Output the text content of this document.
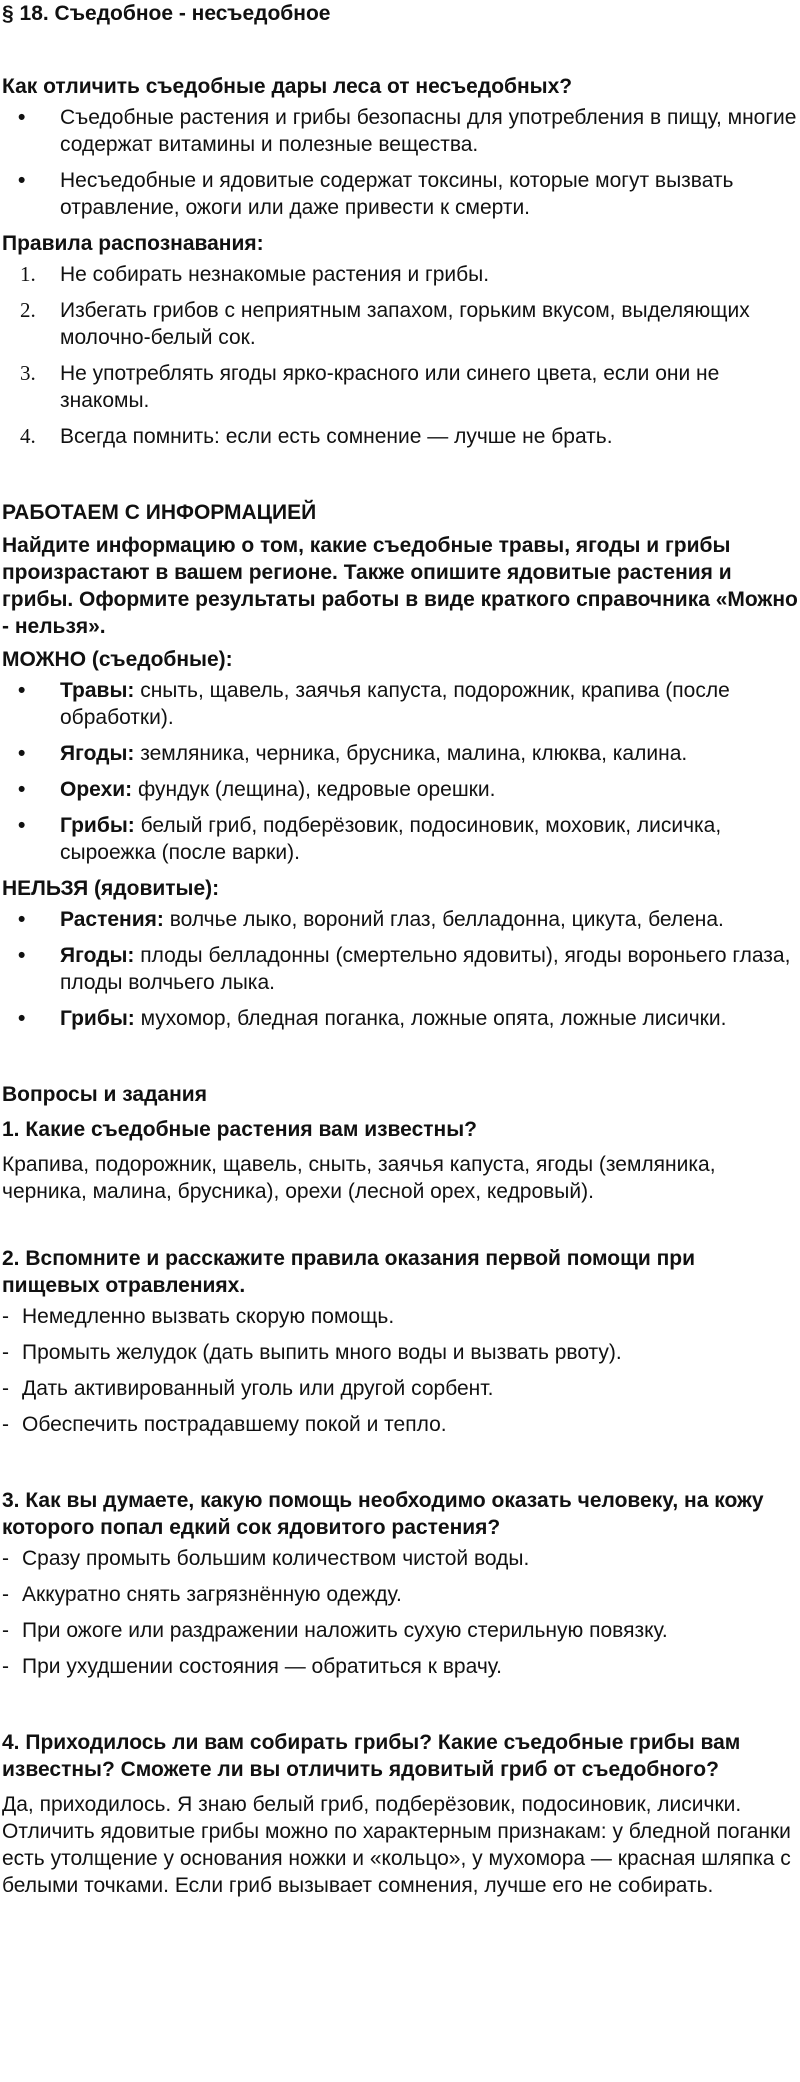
§ 18. Съедобное - несъедобное
Как отличить съедобные дары леса от несъедобных?
• Съедобные растения и грибы безопасны для употребления в пищу, многие содержат витамины и полезные вещества.
• Несъедобные и ядовитые содержат токсины, которые могут вызвать отравление, ожоги или даже привести к смерти.
Правила распознавания:
1. Не собирать незнакомые растения и грибы.
2. Избегать грибов с неприятным запахом, горьким вкусом, выделяющих молочно-белый сок.
3. Не употреблять ягоды ярко-красного или синего цвета, если они не знакомы.
4. Всегда помнить: если есть сомнение — лучше не брать.
РАБОТАЕМ С ИНФОРМАЦИЕЙ
Найдите информацию о том, какие съедобные травы, ягоды и грибы произрастают в вашем регионе. Также опишите ядовитые растения и грибы. Оформите результаты работы в виде краткого справочника «Можно - нельзя».
МОЖНО (съедобные):
• Травы: сныть, щавель, заячья капуста, подорожник, крапива (после обработки).
• Ягоды: земляника, черника, брусника, малина, клюква, калина.
• Орехи: фундук (лещина), кедровые орешки.
• Грибы: белый гриб, подберёзовик, подосиновик, моховик, лисичка, сыроежка (после варки).
НЕЛЬЗЯ (ядовитые):
• Растения: волчье лыко, вороний глаз, белладонна, цикута, белена.
• Ягоды: плоды белладонны (смертельно ядовиты), ягоды вороньего глаза, плоды волчьего лыка.
• Грибы: мухомор, бледная поганка, ложные опята, ложные лисички.
Вопросы и задания
1. Какие съедобные растения вам известны?
Крапива, подорожник, щавель, сныть, заячья капуста, ягоды (земляника, черника, малина, брусника), орехи (лесной орех, кедровый).
2. Вспомните и расскажите правила оказания первой помощи при пищевых отравлениях.
- Немедленно вызвать скорую помощь.
- Промыть желудок (дать выпить много воды и вызвать рвоту).
- Дать активированный уголь или другой сорбент.
- Обеспечить пострадавшему покой и тепло.
3. Как вы думаете, какую помощь необходимо оказать человеку, на кожу которого попал едкий сок ядовитого растения?
- Сразу промыть большим количеством чистой воды.
- Аккуратно снять загрязнённую одежду.
- При ожоге или раздражении наложить сухую стерильную повязку.
- При ухудшении состояния — обратиться к врачу.
4. Приходилось ли вам собирать грибы? Какие съедобные грибы вам известны? Сможете ли вы отличить ядовитый гриб от съедобного?
Да, приходилось. Я знаю белый гриб, подберёзовик, подосиновик, лисички. Отличить ядовитые грибы можно по характерным признакам: у бледной поганки есть утолщение у основания ножки и «кольцо», у мухомора — красная шляпка с белыми точками. Если гриб вызывает сомнения, лучше его не собирать.
